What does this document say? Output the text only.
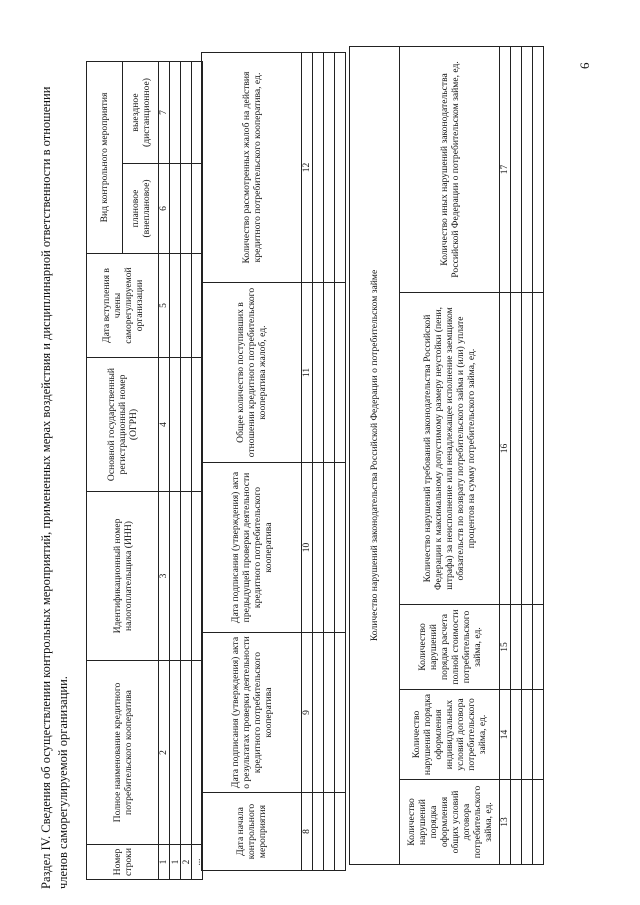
6
Раздел IV. Сведения об осуществлении контрольных мероприятий, примененных мерах воздействия и дисциплинарной ответственности в отношении членов саморегулируемой организации.	Номер строки	Полное наименование кредитного потребительского кооператива	Идентификационный номер налогоплательщика (ИНН)	Основной государственный регистрационный номер (ОГРН)	Дата вступления в члены саморегулируемой организации	Вид контрольного мероприятия	
					плановое (внеплановое)	выездное (дистанционное)
1	2	3	4	5	6	7
1						
2						
...						
Дата начала контрольного мероприятия	Дата подписания (утверждения) акта о результатах проверки деятельности кредитного потребительского кооператива	Дата подписания (утверждения) акта предыдущей проверки деятельности кредитного потребительского кооператива	Общее количество поступивших в отношении кредитного потребительского кооператива жалоб, ед.	Количество рассмотренных жалоб на действия кредитного потребительского кооператива, ед.
8	9	10	11	12

Количество нарушений законодательства Российской Федерации о потребительском займе				
Количество нарушений порядка оформления общих условий договора потребительского займа, ед.	Количество нарушений порядка оформления индивидуальных условий договора потребительского займа, ед.	Количество нарушений порядка расчета полной стоимости потребительского займа, ед.	Количество нарушений требований законодательства Российской Федерации к максимальному допустимому размеру неустойки (пени, штрафа) за неисполнение или ненадлежащее исполнение заемщиком обязательств по возврату потребительского займа и (или) уплате процентов на сумму потребительского займа, ед.	Количество иных нарушений законодательства Российской Федерации о потребительском займе, ед.
13	14	15	16	17
